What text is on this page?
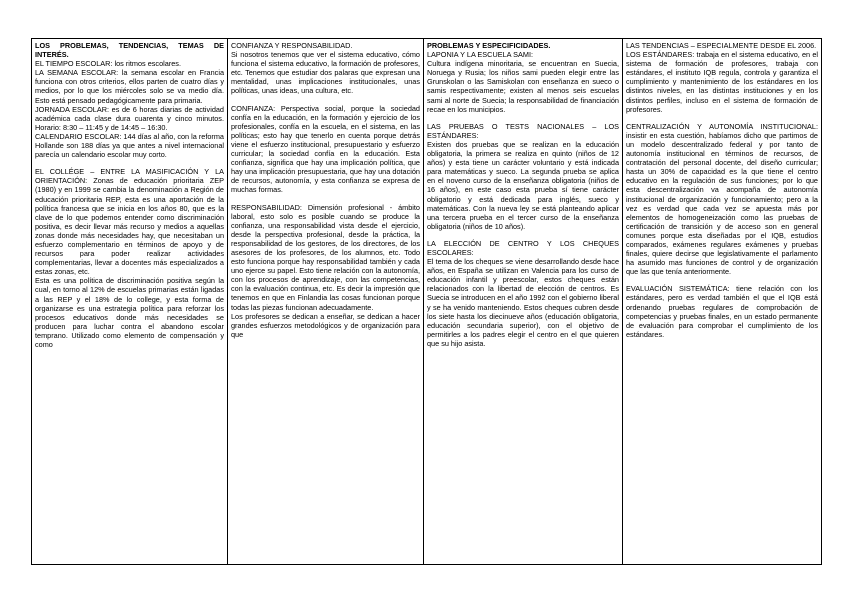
LOS PROBLEMAS, TENDENCIAS, TEMAS DE INTERÉS.

EL TIEMPO ESCOLAR: los ritmos escolares.

LA SEMANA ESCOLAR: la semana escolar en Francia funciona con otros criterios, ellos parten de cuatro días y medios, por lo que los miércoles solo se va medio día. Esto está pensado pedagógicamente para primaria.

JORNADA ESCOLAR: es de 6 horas diarias de actividad académica cada clase dura cuarenta y cinco minutos. Horario: 8:30 – 11:45 y de 14:45 – 16:30.

CALENDARIO ESCOLAR: 144 días al año, con la reforma Hollande son 188 días ya que antes a nivel internacional parecía un calendario escolar muy corto.

EL COLLÉGE – ENTRE LA MASIFICACIÓN Y LA ORIENTACIÓN: Zonas de educación prioritaria ZEP (1980) y en 1999 se cambia la denominación a Región de educación prioritaria REP, esta es una aportación de la política francesa que se inicia en los años 80, que es la clave de lo que podemos entender como discriminación positiva, es decir llevar más recurso y medios a aquellas zonas donde más necesidades hay, que necesitaban un esfuerzo complementario en términos de apoyo y de recursos para poder realizar actividades complementarias, llevar a docentes más especializados a estas zonas, etc.

Esta es una política de discriminación positiva según la cual, en torno al 12% de escuelas primarias están ligadas a las REP y el 18% de lo college, y esta forma de organizarse es una estrategia política para reforzar los procesos educativos donde más necesidades se producen para luchar contra el abandono escolar temprano. Utilizado como elemento de compensación y como

CONFIANZA Y RESPONSABILIDAD.

Si nosotros tenemos que ver el sistema educativo, cómo funciona el sistema educativo, la formación de profesores, etc. Tenemos que estudiar dos palaras que expresan una mentalidad, unas implicaciones institucionales, unas políticas, unas ideas, una cultura, etc.

CONFIANZA: Perspectiva social, porque la sociedad confía en la educación, en la formación y ejercicio de los profesionales, confía en la escuela, en el sistema, en las políticas; esto hay que tenerlo en cuenta porque detrás viene el esfuerzo institucional, presupuestario y esfuerzo curricular; la sociedad confía en la educación. Esta confianza, significa que hay una implicación política, que hay una implicación presupuestaria, que hay una dotación de recursos, autonomía, y esta confianza se expresa de muchas formas.

RESPONSABILIDAD: Dimensión profesional - ámbito laboral, esto solo es posible cuando se produce la confianza, una responsabilidad vista desde el ejercicio, desde la perspectiva profesional, desde la práctica, la responsabilidad de los gestores, de los directores, de los asesores de los profesores, de los alumnos, etc. Todo esto funciona porque hay responsabilidad también y cada uno ejerce su papel. Esto tiene relación con la autonomía, con los procesos de aprendizaje, con las competencias, con la evaluación continua, etc. Es decir la impresión que tenemos en que en Finlandia las cosas funcionan porque todas las piezas funcionan adecuadamente.

Los profesores se dedican a enseñar, se dedican a hacer grandes esfuerzos metodológicos y de organización para que

PROBLEMAS Y ESPECIFICIDADES.

LAPONIA Y LA ESCUELA SAMI:

Cultura indígena minoritaria, se encuentran en Suecia, Noruega y Rusia; los niños sami pueden elegir entre las Grunskolan o las Samiskolan con enseñanza en sueco o samis respectivamente; existen al menos seis escuelas sami al norte de Suecia; la responsabilidad de financiación recae en los municipios.

LAS PRUEBAS O TESTS NACIONALES – LOS ESTÁNDARES:

Existen dos pruebas que se realizan en la educación obligatoria, la primera se realiza en quinto (niños de 12 años) y esta tiene un carácter voluntario y está indicada para matemáticas y sueco. La segunda prueba se aplica en el noveno curso de la enseñanza obligatoria (niños de 16 años), en este caso esta prueba sí tiene carácter obligatorio y está dedicada para inglés, sueco y matemáticas. Con la nueva ley se está planteando aplicar una tercera prueba en el tercer curso de la enseñanza obligatoria (niños de 10 años).

LA ELECCIÓN DE CENTRO Y LOS CHEQUES ESCOLARES:

El tema de los cheques se viene desarrollando desde hace años, en España se utilizan en Valencia para los curso de educación infantil y preescolar, estos cheques están relacionados con la libertad de elección de centros. Es Suecia se introducen en el año 1992 con el gobierno liberal y se ha venido manteniendo. Estos cheques cubren desde los siete hasta los diecinueve años (educación obligatoria, educación secundaria superior), con el objetivo de permitirles a los padres elegir el centro en el que quieren que su hijo asista.

LAS TENDENCIAS – ESPECIALMENTE DESDE EL 2006.

LOS ESTÁNDARES: trabaja en el sistema educativo, en el sistema de formación de profesores, trabaja con estándares, el instituto IQB regula, controla y garantiza el cumplimiento y mantenimiento de los estándares en los distintos niveles, en las distintas instituciones y en los distintos perfiles, incluso en el sistema de formación de profesores.

CENTRALIZACIÓN Y AUTONOMÍA INSTITUCIONAL: insistir en esta cuestión, habíamos dicho que partimos de un modelo descentralizado federal y por tanto de autonomía institucional en términos de recursos, de contratación del personal docente, del diseño curricular; hasta un 30% de capacidad es la que tiene el centro educativo en la regulación de sus funciones; por lo que esta descentralización va acompaña de autonomía institucional de organización y funcionamiento; pero a la vez es verdad que cada vez se apuesta más por elementos de homogeneización como las pruebas de certificación de transición y de acceso son en general comunes porque esta diseñadas por el IQB, estudios comparados, exámenes regulares exámenes y pruebas finales, quiere decirse que legislativamente el parlamento ha asumido mas funciones de control y de organización que las que tenía anteriormente.

EVALUACIÓN SISTEMÁTICA: tiene relación con los estándares, pero es verdad también el que el IQB está ordenando pruebas regulares de comprobación de competencias y pruebas finales, en un estado permanente de evaluación para comprobar el cumplimiento de los estándares.
